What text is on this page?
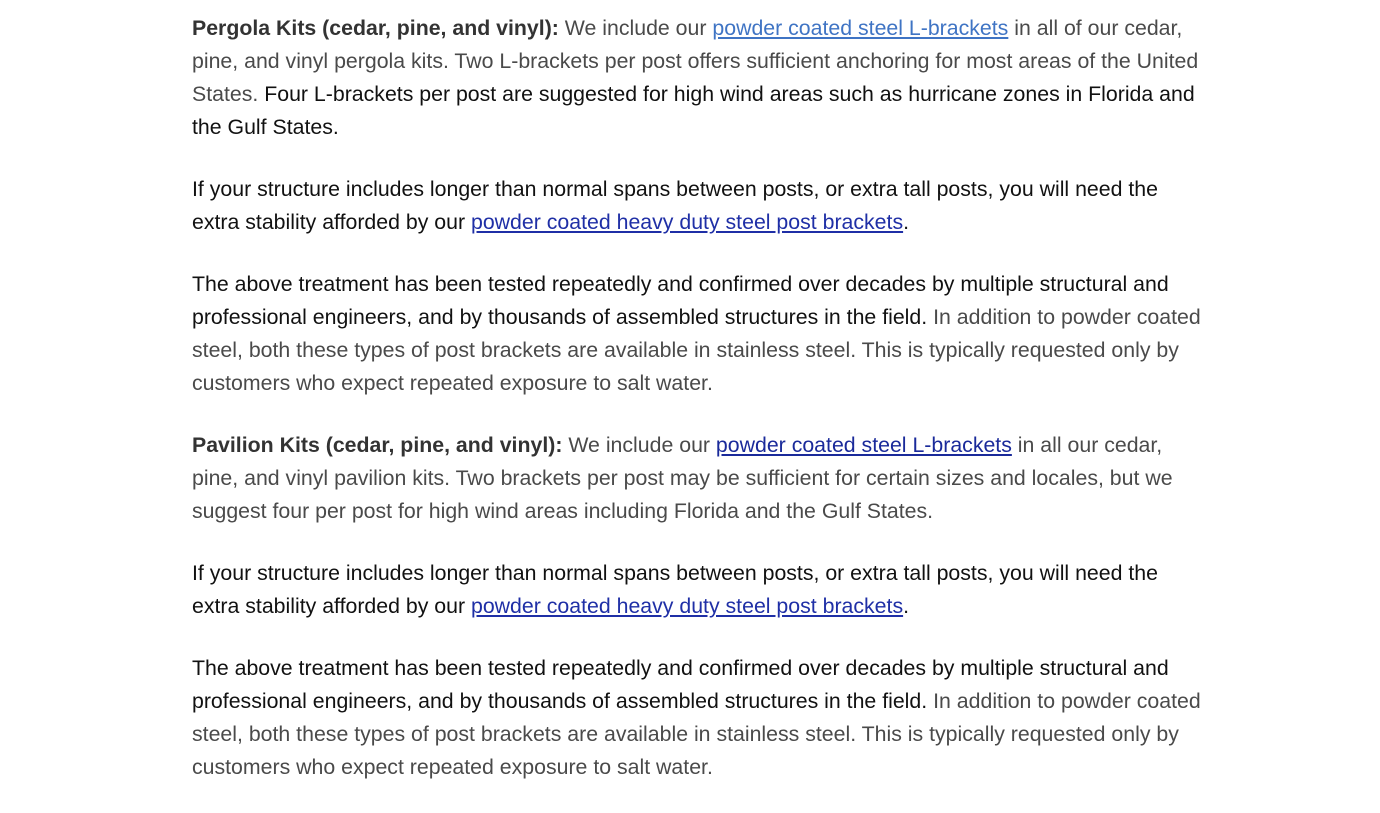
Pergola Kits (cedar, pine, and vinyl): We include our powder coated steel L-brackets in all of our cedar, pine, and vinyl pergola kits. Two L-brackets per post offers sufficient anchoring for most areas of the United States. Four L-brackets per post are suggested for high wind areas such as hurricane zones in Florida and the Gulf States.

If your structure includes longer than normal spans between posts, or extra tall posts, you will need the extra stability afforded by our powder coated heavy duty steel post brackets.

The above treatment has been tested repeatedly and confirmed over decades by multiple structural and professional engineers, and by thousands of assembled structures in the field. In addition to powder coated steel, both these types of post brackets are available in stainless steel. This is typically requested only by customers who expect repeated exposure to salt water.

Pavilion Kits (cedar, pine, and vinyl): We include our powder coated steel L-brackets in all our cedar, pine, and vinyl pavilion kits. Two brackets per post may be sufficient for certain sizes and locales, but we suggest four per post for high wind areas including Florida and the Gulf States.

If your structure includes longer than normal spans between posts, or extra tall posts, you will need the extra stability afforded by our powder coated heavy duty steel post brackets.

The above treatment has been tested repeatedly and confirmed over decades by multiple structural and professional engineers, and by thousands of assembled structures in the field. In addition to powder coated steel, both these types of post brackets are available in stainless steel. This is typically requested only by customers who expect repeated exposure to salt water.
